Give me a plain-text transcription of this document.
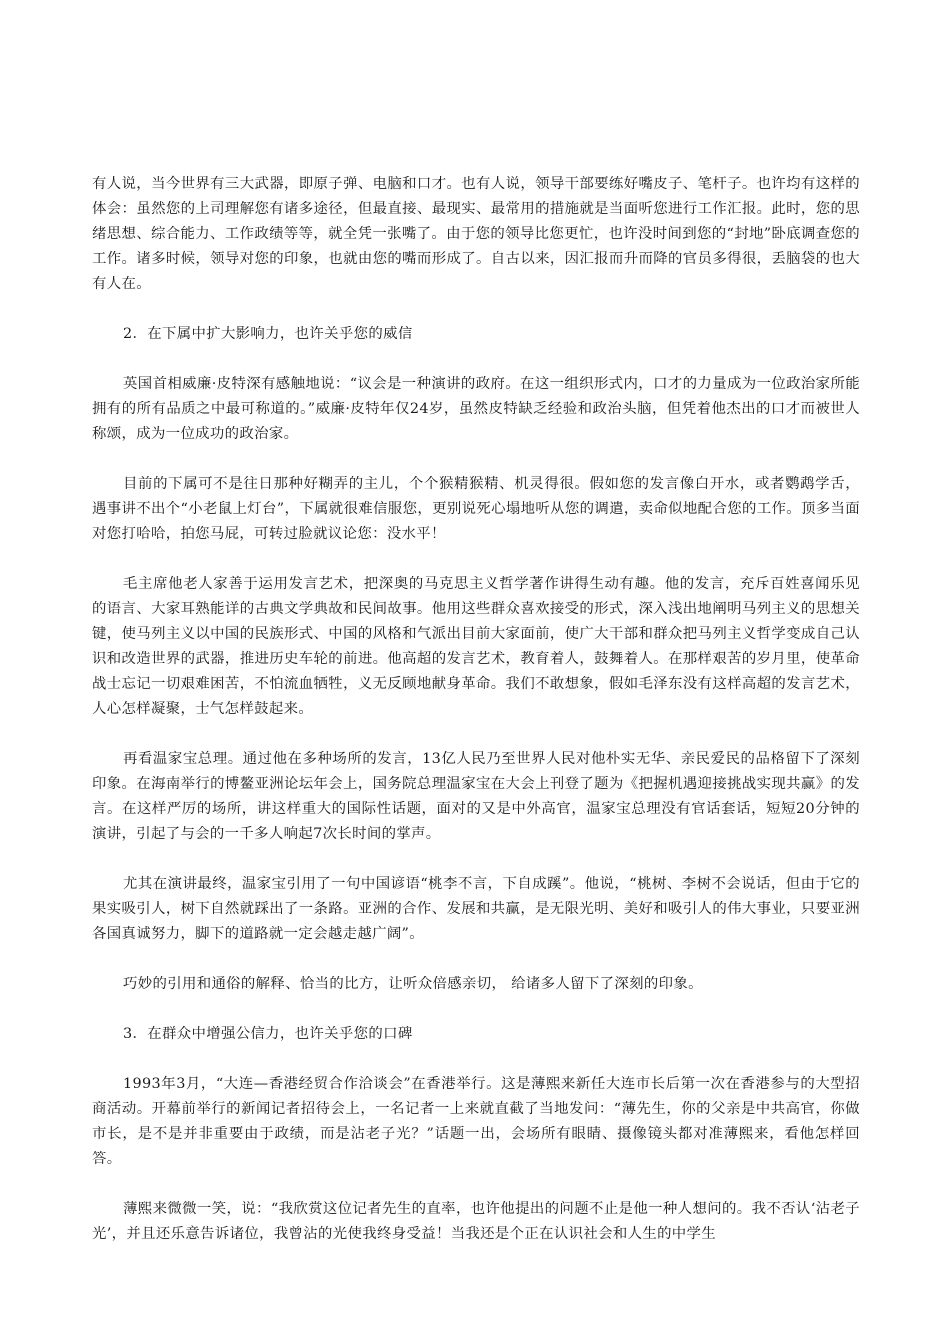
有人说，当今世界有三大武器，即原子弹、电脑和口才。也有人说，领导干部要练好嘴皮子、笔杆子。也许均有这样的体会：虽然您的上司理解您有诸多途径，但最直接、最现实、最常用的措施就是当面听您进行工作汇报。此时，您的思绪思想、综合能力、工作政绩等等，就全凭一张嘴了。由于您的领导比您更忙，也许没时间到您的“封地”卧底调查您的工作。诸多时候，领导对您的印象，也就由您的嘴而形成了。自古以来，因汇报而升而降的官员多得很，丢脑袋的也大有人在。

2．在下属中扩大影响力，也许关乎您的威信

英国首相威廉·皮特深有感触地说：“议会是一种演讲的政府。在这一组织形式内，口才的力量成为一位政治家所能拥有的所有品质之中最可称道的。”威廉·皮特年仅24岁，虽然皮特缺乏经验和政治头脑，但凭着他杰出的口才而被世人称颂，成为一位成功的政治家。

目前的下属可不是往日那种好糊弄的主儿，个个猴精猴精、机灵得很。假如您的发言像白开水，或者鹦鹉学舌，遇事讲不出个“小老鼠上灯台”，下属就很难信服您，更别说死心塌地听从您的调遣，卖命似地配合您的工作。顶多当面对您打哈哈，拍您马屁，可转过脸就议论您：没水平！

毛主席他老人家善于运用发言艺术，把深奥的马克思主义哲学著作讲得生动有趣。他的发言，充斥百姓喜闻乐见的语言、大家耳熟能详的古典文学典故和民间故事。他用这些群众喜欢接受的形式，深入浅出地阐明马列主义的思想关键，使马列主义以中国的民族形式、中国的风格和气派出目前大家面前，使广大干部和群众把马列主义哲学变成自己认识和改造世界的武器，推进历史车轮的前进。他高超的发言艺术，教育着人，鼓舞着人。在那样艰苦的岁月里，使革命战士忘记一切艰难困苦，不怕流血牺牲，义无反顾地献身革命。我们不敢想象，假如毛泽东没有这样高超的发言艺术，人心怎样凝聚，士气怎样鼓起来。

再看温家宝总理。通过他在多种场所的发言，13亿人民乃至世界人民对他朴实无华、亲民爱民的品格留下了深刻印象。在海南举行的博鳌亚洲论坛年会上，国务院总理温家宝在大会上刊登了题为《把握机遇迎接挑战实现共赢》的发言。在这样严厉的场所，讲这样重大的国际性话题，面对的又是中外高官，温家宝总理没有官话套话，短短20分钟的演讲，引起了与会的一千多人响起7次长时间的掌声。

尤其在演讲最终，温家宝引用了一句中国谚语“桃李不言，下自成蹊”。他说，“桃树、李树不会说话，但由于它的果实吸引人，树下自然就踩出了一条路。亚洲的合作、发展和共赢，是无限光明、美好和吸引人的伟大事业，只要亚洲各国真诚努力，脚下的道路就一定会越走越广阔”。

巧妙的引用和通俗的解释、恰当的比方，让听众倍感亲切， 给诸多人留下了深刻的印象。

3．在群众中增强公信力，也许关乎您的口碑

1993年3月，“大连—香港经贸合作洽谈会”在香港举行。这是薄熙来新任大连市长后第一次在香港参与的大型招商活动。开幕前举行的新闻记者招待会上，一名记者一上来就直截了当地发问：“薄先生，你的父亲是中共高官，你做市长，是不是并非重要由于政绩，而是沾老子光？”话题一出，会场所有眼睛、摄像镜头都对准薄熙来，看他怎样回答。

薄熙来微微一笑，说：“我欣赏这位记者先生的直率，也许他提出的问题不止是他一种人想问的。我不否认‘沾老子光’，并且还乐意告诉诸位，我曾沾的光使我终身受益！当我还是个正在认识社会和人生的中学生
